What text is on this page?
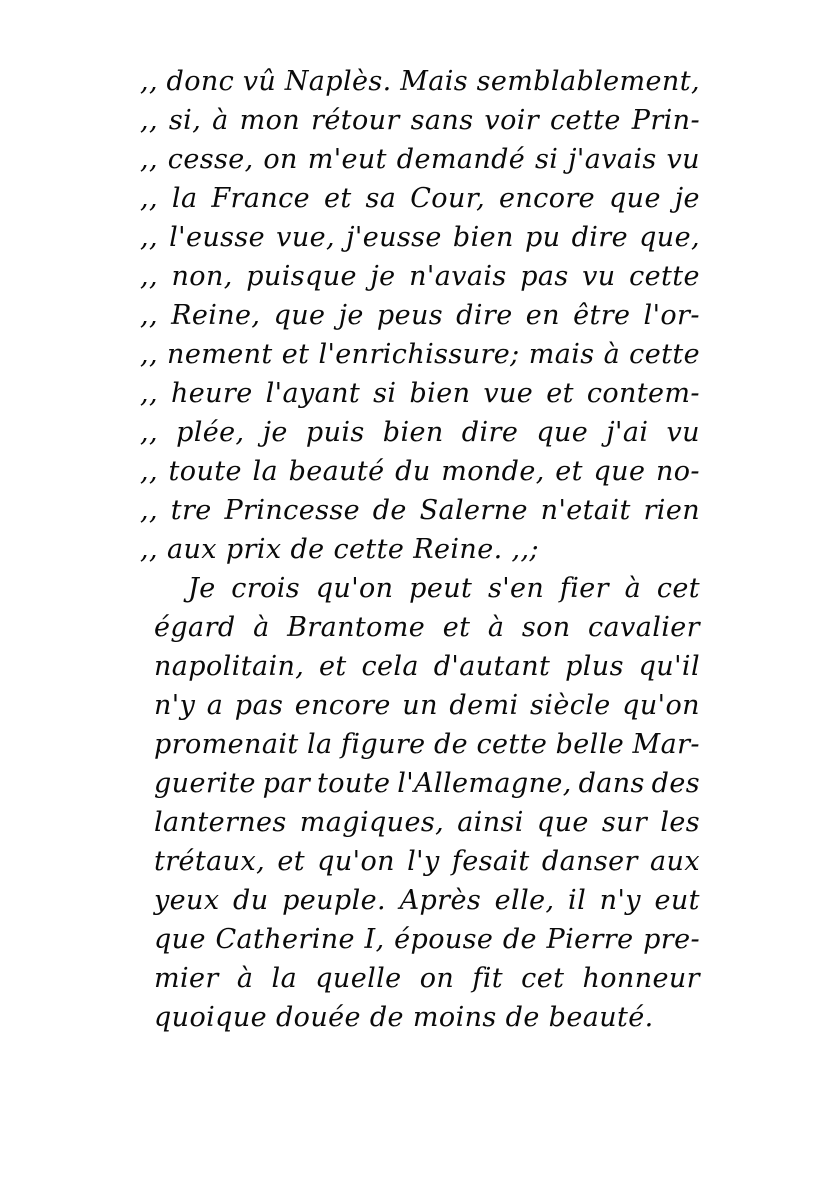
,, donc vû Naplès. Mais semblablement,
,, si, à mon rétour sans voir cette Prin-
,, cesse, on m'eut demandé si j'avais vu
,, la France et sa Cour, encore que je
,, l'eusse vue, j'eusse bien pu dire que,
,, non, puisque je n'avais pas vu cette
,, Reine, que je peus dire en être l'or-
,, nement et l'enrichissure; mais à cette
,, heure l'ayant si bien vue et contem-
,, plée, je puis bien dire que j'ai vu
,, toute la beauté du monde, et que no-
,, tre Princesse de Salerne n'etait rien
,, aux prix de cette Reine. ,,;
Je crois qu'on peut s'en fier à cet
égard à Brantome et à son cavalier
napolitain, et cela d'autant plus qu'il
n'y a pas encore un demi siècle qu'on
promenait la figure de cette belle Mar-
guerite par toute l'Allemagne, dans des
lanternes magiques, ainsi que sur les
trétaux, et qu'on l'y fesait danser aux
yeux du peuple. Après elle, il n'y eut
que Catherine I, épouse de Pierre pre-
mier à la quelle on fit cet honneur
quoique douée de moins de beauté.
